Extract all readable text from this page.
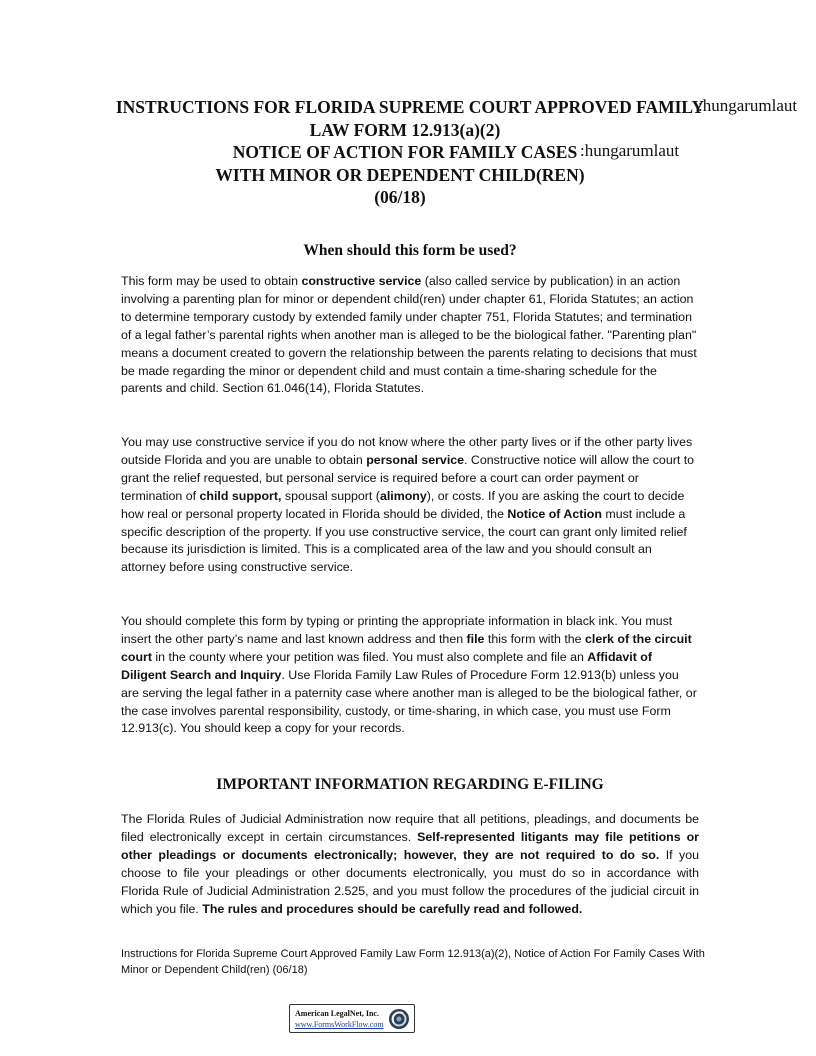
INSTRUCTIONS FOR FLORIDA SUPREME COURT APPROVED FAMILY
LAW FORM 12.913(a)(2)
NOTICE OF ACTION FOR FAMILY CASES
WITH MINOR OR DEPENDENT CHILD(REN)
(06/18)
:hungarumlaut
:hungarumlaut
When should this form be used?

This form may be used to obtain constructive service (also called service by publication) in an action involving a parenting plan for minor or dependent child(ren) under chapter 61, Florida Statutes; an action to determine temporary custody by extended family under chapter 751, Florida Statutes; and termination of a legal father’s parental rights when another man is alleged to be the biological father. "Parenting plan" means a document created to govern the relationship between the parents relating to decisions that must be made regarding the minor or dependent child and must contain a time-sharing schedule for the parents and child. Section 61.046(14), Florida Statutes.

You may use constructive service if you do not know where the other party lives or if the other party lives outside Florida and you are unable to obtain personal service. Constructive notice will allow the court to grant the relief requested, but personal service is required before a court can order payment or termination of child support, spousal support (alimony), or costs. If you are asking the court to decide how real or personal property located in Florida should be divided, the Notice of Action must include a specific description of the property. If you use constructive service, the court can grant only limited relief because its jurisdiction is limited. This is a complicated area of the law and you should consult an attorney before using constructive service.

You should complete this form by typing or printing the appropriate information in black ink. You must insert the other party’s name and last known address and then file this form with the clerk of the circuit court in the county where your petition was filed. You must also complete and file an Affidavit of Diligent Search and Inquiry. Use Florida Family Law Rules of Procedure Form 12.913(b) unless you are serving the legal father in a paternity case where another man is alleged to be the biological father, or the case involves parental responsibility, custody, or time-sharing, in which case, you must use Form 12.913(c). You should keep a copy for your records.

IMPORTANT INFORMATION REGARDING E-FILING

The Florida Rules of Judicial Administration now require that all petitions, pleadings, and documents be filed electronically except in certain circumstances. Self-represented litigants may file petitions or other pleadings or documents electronically; however, they are not required to do so. If you choose to file your pleadings or other documents electronically, you must do so in accordance with Florida Rule of Judicial Administration 2.525, and you must follow the procedures of the judicial circuit in which you file. The rules and procedures should be carefully read and followed.

Instructions for Florida Supreme Court Approved Family Law Form 12.913(a)(2), Notice of Action For Family Cases With Minor or Dependent Child(ren) (06/18)
American LegalNet, Inc.
www.FormsWorkFlow.com
